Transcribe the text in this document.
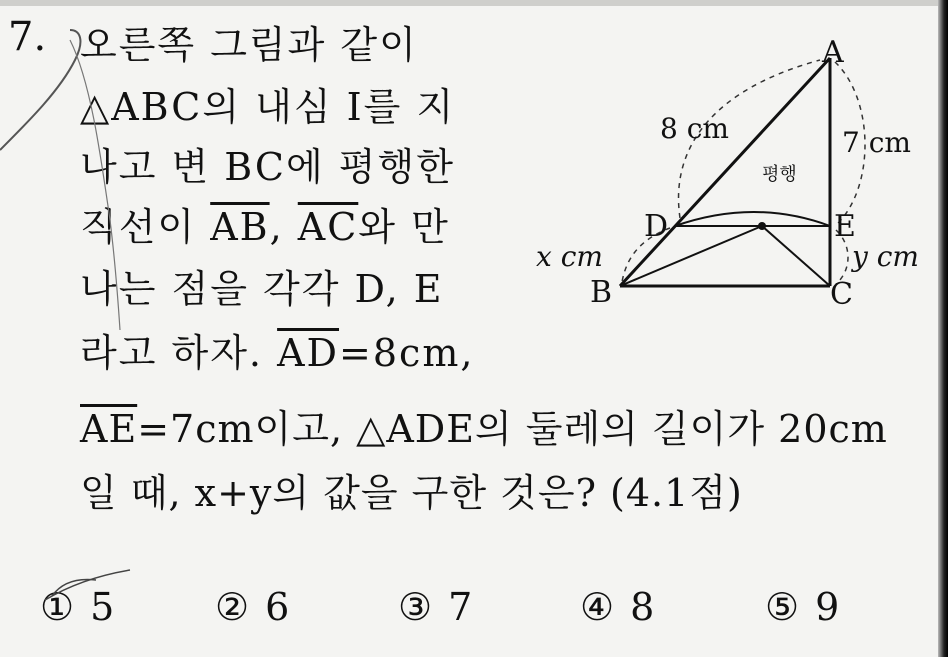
7. 오른쪽 그림과 같이
△ABC의 내심 I를 지
나고 변 BC에 평행한
직선이 $\overline{AB}$, $\overline{AC}$와 만
나는 점을 각각 D, E
라고 하자. $\overline{AD}=8cm$,
$\overline{AE}=7cm$이고, △ADE의 둘레의 길이가 20cm
일 때, x+y의 값을 구한 것은? (4.1점)
A
B	C
D	E
8 cm	7 cm
x cm	y cm
평행
① 5	② 6	③ 7	④ 8	⑤ 9
